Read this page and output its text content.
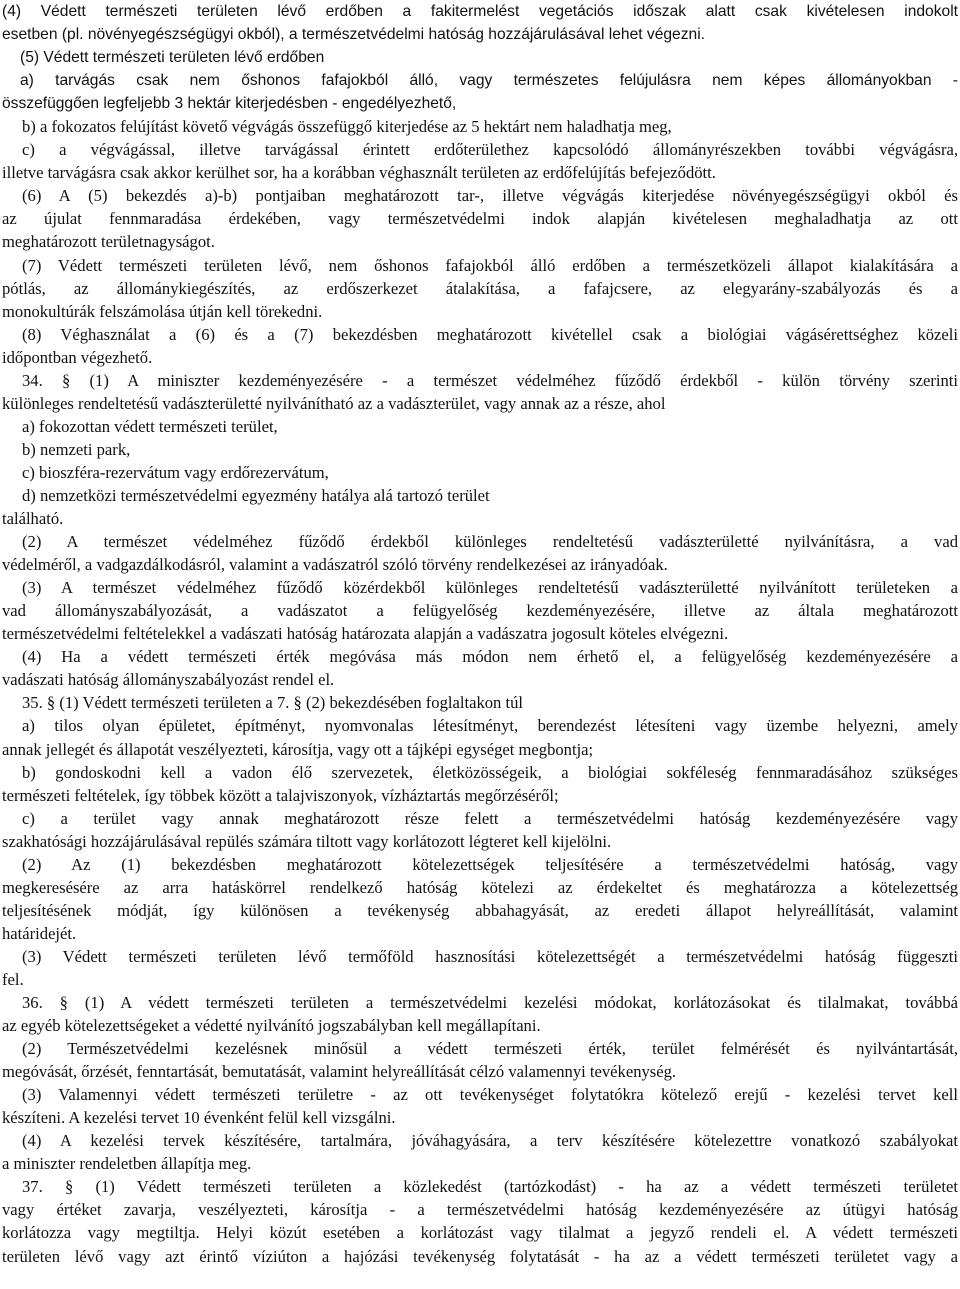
(4) Védett természeti területen lévő erdőben a fakitermelést vegetációs időszak alatt csak kivételesen indokolt
esetben (pl. növényegészségügyi okból), a természetvédelmi hatóság hozzájárulásával lehet végezni.
(5) Védett természeti területen lévő erdőben
a) tarvágás csak nem őshonos fafajokból álló, vagy természetes felújulásra nem képes állományokban -
összefüggően legfeljebb 3 hektár kiterjedésben - engedélyezhető,
b) a fokozatos felújítást követő végvágás összefüggő kiterjedése az 5 hektárt nem haladhatja meg,
c) a végvágással, illetve tarvágással érintett erdőterülethez kapcsolódó állományrészekben további végvágásra,
illetve tarvágásra csak akkor kerülhet sor, ha a korábban véghasznált területen az erdőfelújítás befejeződött.
(6) A (5) bekezdés a)-b) pontjaiban meghatározott tar-, illetve végvágás kiterjedése növényegészségügyi okból és
az újulat fennmaradása érdekében, vagy természetvédelmi indok alapján kivételesen meghaladhatja az ott
meghatározott területnagyságot.
(7) Védett természeti területen lévő, nem őshonos fafajokból álló erdőben a természetközeli állapot kialakítására a
pótlás, az állománykiegészítés, az erdőszerkezet átalakítása, a fafajcsere, az elegyarány-szabályozás és a
monokultúrák felszámolása útján kell törekedni.
(8) Véghasználat a (6) és a (7) bekezdésben meghatározott kivétellel csak a biológiai vágásérettséghez közeli
időpontban végezhető.
34. § (1) A miniszter kezdeményezésére - a természet védelméhez fűződő érdekből - külön törvény szerinti
különleges rendeltetésű vadászterületté nyilvánítható az a vadászterület, vagy annak az a része, ahol
a) fokozottan védett természeti terület,
b) nemzeti park,
c) bioszféra-rezervátum vagy erdőrezervátum,
d) nemzetközi természetvédelmi egyezmény hatálya alá tartozó terület
található.
(2) A természet védelméhez fűződő érdekből különleges rendeltetésű vadászterületté nyilvánításra, a vad
védelméről, a vadgazdálkodásról, valamint a vadászatról szóló törvény rendelkezései az irányadóak.
(3) A természet védelméhez fűződő közérdekből különleges rendeltetésű vadászterületté nyilvánított területeken a
vad állományszabályozását, a vadászatot a felügyelőség kezdeményezésére, illetve az általa meghatározott
természetvédelmi feltételekkel a vadászati hatóság határozata alapján a vadászatra jogosult köteles elvégezni.
(4) Ha a védett természeti érték megóvása más módon nem érhető el, a felügyelőség kezdeményezésére a
vadászati hatóság állományszabályozást rendel el.
35. § (1) Védett természeti területen a 7. § (2) bekezdésében foglaltakon túl
a) tilos olyan épületet, építményt, nyomvonalas létesítményt, berendezést létesíteni vagy üzembe helyezni, amely
annak jellegét és állapotát veszélyezteti, károsítja, vagy ott a tájképi egységet megbontja;
b) gondoskodni kell a vadon élő szervezetek, életközösségeik, a biológiai sokféleség fennmaradásához szükséges
természeti feltételek, így többek között a talajviszonyok, vízháztartás megőrzéséről;
c) a terület vagy annak meghatározott része felett a természetvédelmi hatóság kezdeményezésére vagy
szakhatósági hozzájárulásával repülés számára tiltott vagy korlátozott légteret kell kijelölni.
(2) Az (1) bekezdésben meghatározott kötelezettségek teljesítésére a természetvédelmi hatóság, vagy
megkeresésére az arra hatáskörrel rendelkező hatóság kötelezi az érdekeltet és meghatározza a kötelezettség
teljesítésének módját, így különösen a tevékenység abbahagyását, az eredeti állapot helyreállítását, valamint
határidejét.
(3) Védett természeti területen lévő termőföld hasznosítási kötelezettségét a természetvédelmi hatóság függeszti
fel.
36. § (1) A védett természeti területen a természetvédelmi kezelési módokat, korlátozásokat és tilalmakat, továbbá
az egyéb kötelezettségeket a védetté nyilvánító jogszabályban kell megállapítani.
(2) Természetvédelmi kezelésnek minősül a védett természeti érték, terület felmérését és nyilvántartását,
megóvását, őrzését, fenntartását, bemutatását, valamint helyreállítását célzó valamennyi tevékenység.
(3) Valamennyi védett természeti területre - az ott tevékenységet folytatókra kötelező erejű - kezelési tervet kell
készíteni. A kezelési tervet 10 évenként felül kell vizsgálni.
(4) A kezelési tervek készítésére, tartalmára, jóváhagyására, a terv készítésére kötelezettre vonatkozó szabályokat
a miniszter rendeletben állapítja meg.
37. § (1) Védett természeti területen a közlekedést (tartózkodást) - ha az a védett természeti területet
vagy értéket zavarja, veszélyezteti, károsítja - a természetvédelmi hatóság kezdeményezésére az útügyi hatóság
korlátozza vagy megtiltja. Helyi közút esetében a korlátozást vagy tilalmat a jegyző rendeli el. A védett természeti
területen lévő vagy azt érintő víziúton a hajózási tevékenység folytatását - ha az a védett természeti területet vagy a
